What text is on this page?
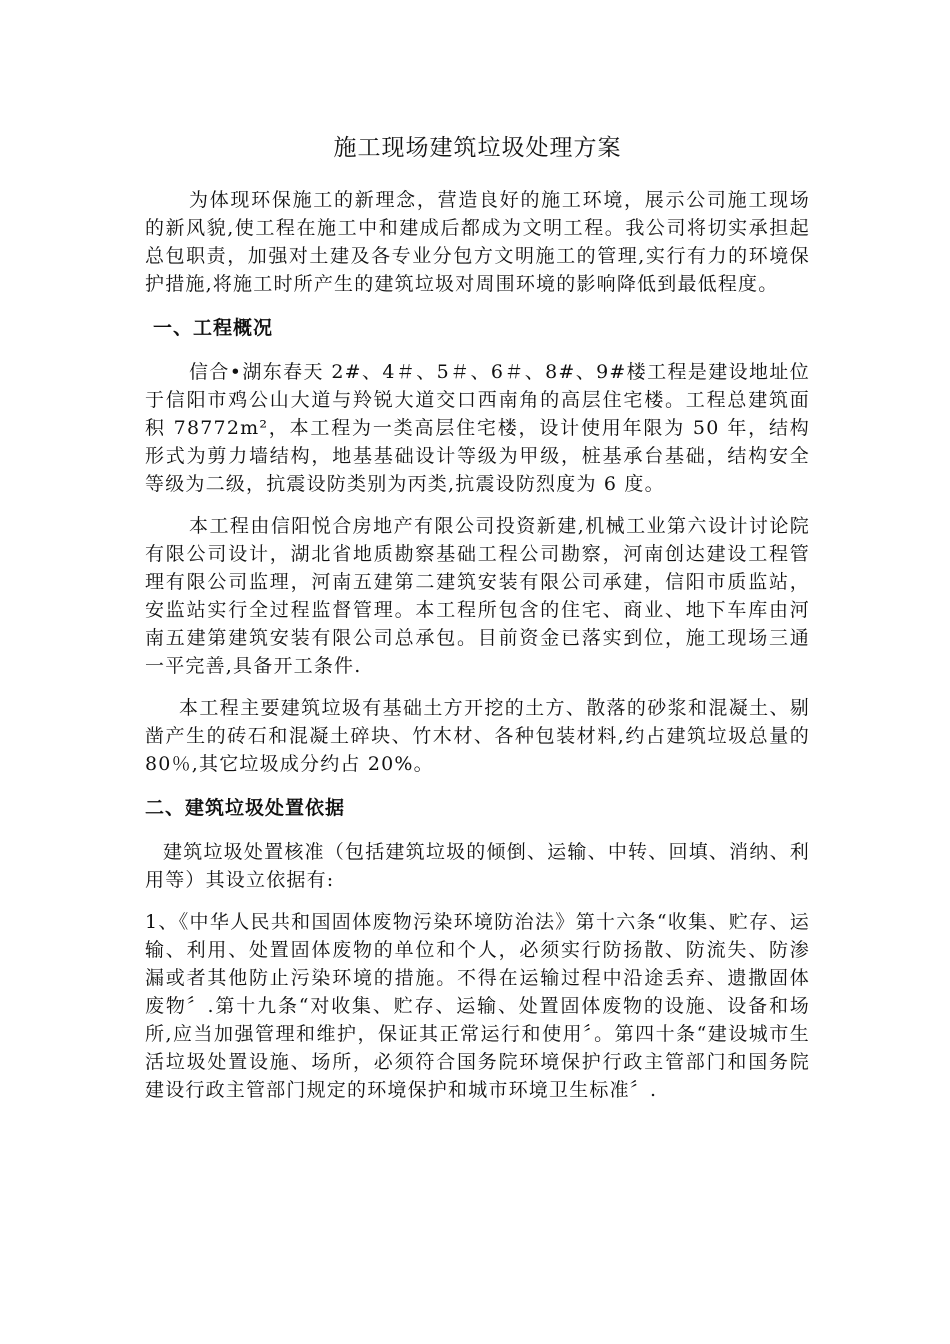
施工现场建筑垃圾处理方案

为体现环保施工的新理念，营造良好的施工环境，展示公司施工现场的新风貌,使工程在施工中和建成后都成为文明工程。我公司将切实承担起总包职责，加强对土建及各专业分包方文明施工的管理,实行有力的环境保护措施,将施工时所产生的建筑垃圾对周围环境的影响降低到最低程度。

一、工程概况

信合•湖东春天 2#、4＃、5＃、6＃、8#、9#楼工程是建设地址位于信阳市鸡公山大道与羚锐大道交口西南角的高层住宅楼。工程总建筑面积 78772m²，本工程为一类高层住宅楼，设计使用年限为 50 年，结构形式为剪力墙结构，地基基础设计等级为甲级，桩基承台基础，结构安全等级为二级，抗震设防类别为丙类,抗震设防烈度为 6 度。

本工程由信阳悦合房地产有限公司投资新建,机械工业第六设计讨论院有限公司设计，湖北省地质勘察基础工程公司勘察，河南创达建设工程管理有限公司监理，河南五建第二建筑安装有限公司承建，信阳市质监站，安监站实行全过程监督管理。本工程所包含的住宅、商业、地下车库由河南五建第建筑安装有限公司总承包。目前资金已落实到位，施工现场三通一平完善,具备开工条件.

本工程主要建筑垃圾有基础土方开挖的土方、散落的砂浆和混凝土、剔凿产生的砖石和混凝土碎块、竹木材、各种包装材料,约占建筑垃圾总量的 80％,其它垃圾成分约占 20%。

二、建筑垃圾处置依据

建筑垃圾处置核准（包括建筑垃圾的倾倒、运输、中转、回填、消纳、利用等）其设立依据有:

1、《中华人民共和国固体废物污染环境防治法》第十六条“收集、贮存、运输、利用、处置固体废物的单位和个人，必须实行防扬散、防流失、防渗漏或者其他防止污染环境的措施。不得在运输过程中沿途丢弃、遗撒固体废物〞.第十九条“对收集、贮存、运输、处置固体废物的设施、设备和场所,应当加强管理和维护，保证其正常运行和使用〞。第四十条“建设城市生活垃圾处置设施、场所，必须符合国务院环境保护行政主管部门和国务院建设行政主管部门规定的环境保护和城市环境卫生标准〞.
